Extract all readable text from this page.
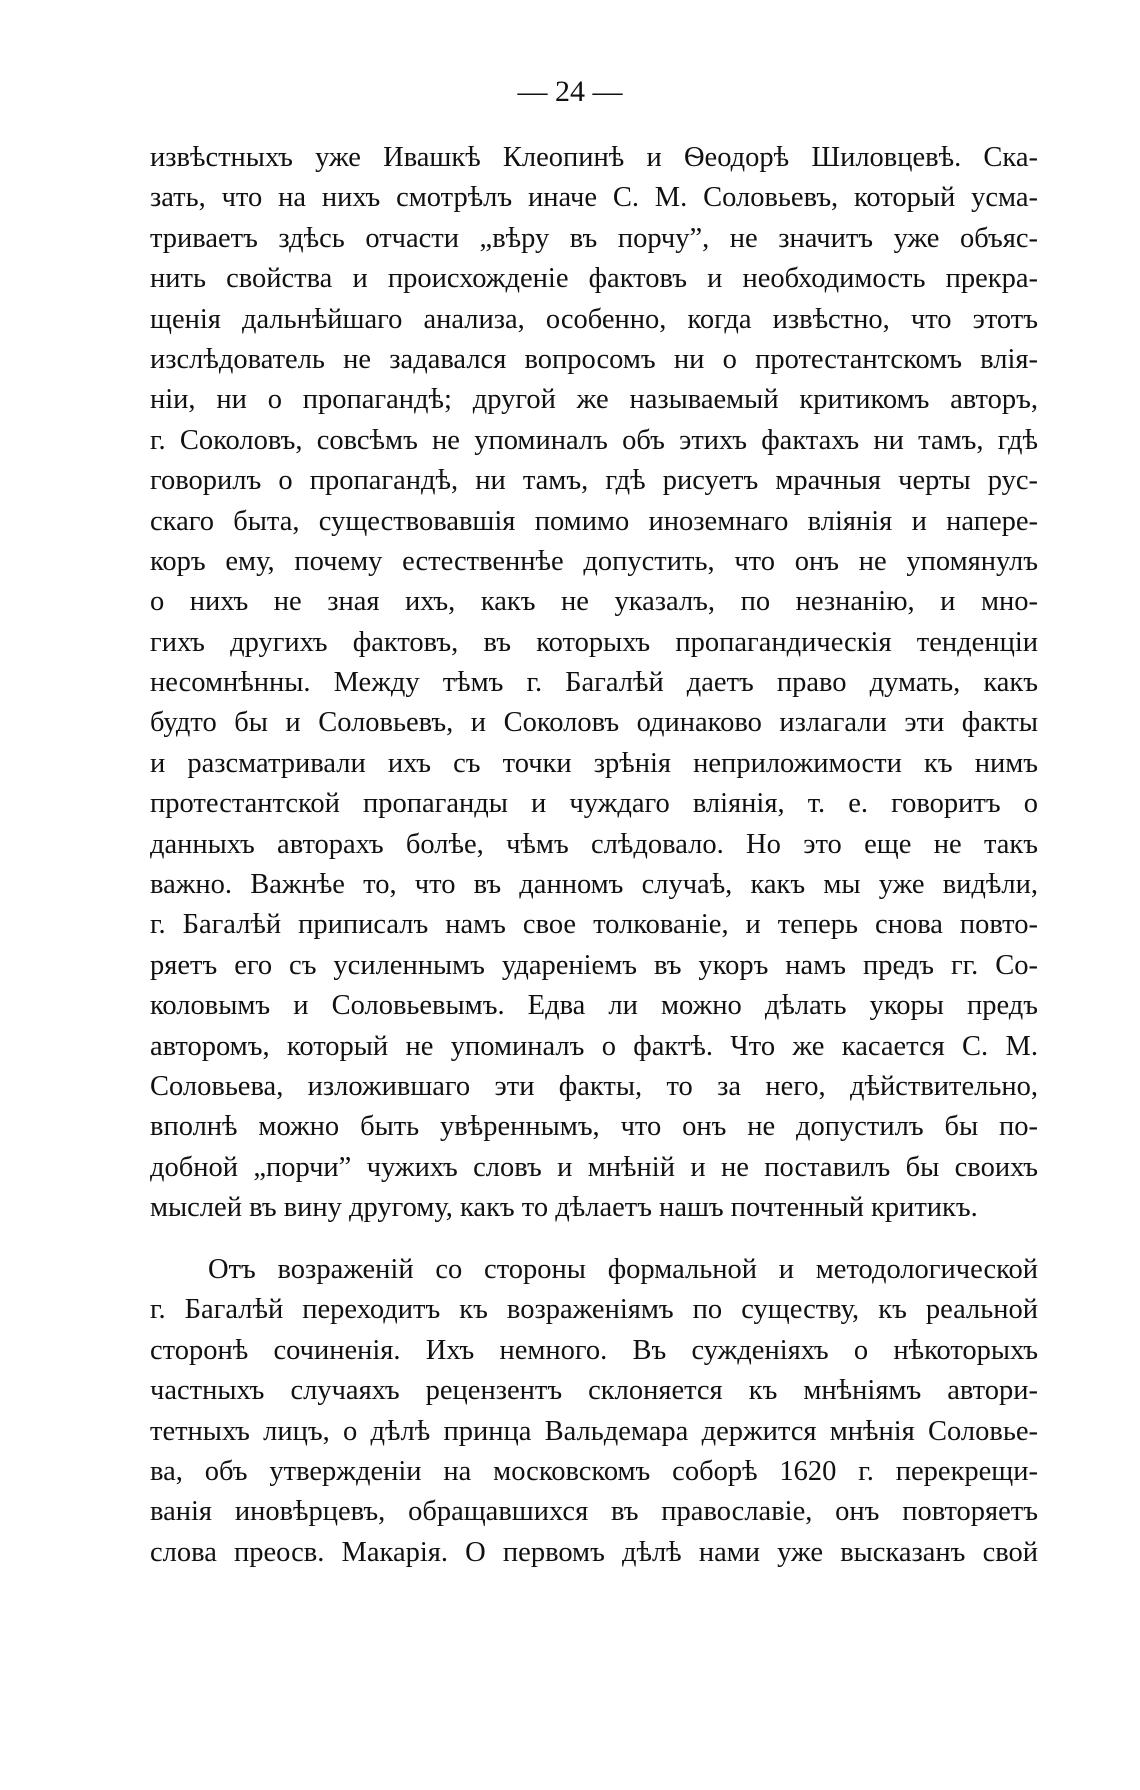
— 24 —
извѣстныхъ уже Ивашкѣ Клеопинѣ и Ѳеодорѣ Шиловцевѣ. Ска-
зать, что на нихъ смотрѣлъ иначе С. М. Соловьевъ, который усма-
триваетъ здѣсь отчасти „вѣру въ порчу”, не значитъ уже объяс-
нить свойства и происхожденіе фактовъ и необходимость прекра-
щенія дальнѣйшаго анализа, особенно, когда извѣстно, что этотъ
изслѣдователь не задавался вопросомъ ни о протестантскомъ влія-
ніи, ни о пропагандѣ; другой же называемый критикомъ авторъ,
г. Соколовъ, совсѣмъ не упоминалъ объ этихъ фактахъ ни тамъ, гдѣ
говорилъ о пропагандѣ, ни тамъ, гдѣ рисуетъ мрачныя черты рус-
скаго быта, существовавшія помимо иноземнаго вліянія и напере-
коръ ему, почему естественнѣе допустить, что онъ не упомянулъ
о нихъ не зная ихъ, какъ не указалъ, по незнанію, и мно-
гихъ другихъ фактовъ, въ которыхъ пропагандическія тенденціи
несомнѣнны. Между тѣмъ г. Багалѣй даетъ право думать, какъ
будто бы и Соловьевъ, и Соколовъ одинаково излагали эти факты
и разсматривали ихъ съ точки зрѣнія неприложимости къ нимъ
протестантской пропаганды и чуждаго вліянія, т. е. говоритъ о
данныхъ авторахъ болѣе, чѣмъ слѣдовало. Но это еще не такъ
важно. Важнѣе то, что въ данномъ случаѣ, какъ мы уже видѣли,
г. Багалѣй приписалъ намъ свое толкованіе, и теперь снова повто-
ряетъ его съ усиленнымъ удареніемъ въ укоръ намъ предъ гг. Со-
коловымъ и Соловьевымъ. Едва ли можно дѣлать укоры предъ
авторомъ, который не упоминалъ о фактѣ. Что же касается С. М.
Соловьева, изложившаго эти факты, то за него, дѣйствительно,
вполнѣ можно быть увѣреннымъ, что онъ не допустилъ бы по-
добной „порчи” чужихъ словъ и мнѣній и не поставилъ бы своихъ
мыслей въ вину другому, какъ то дѣлаетъ нашъ почтенный критикъ.
Отъ возраженій со стороны формальной и методологической
г. Багалѣй переходитъ къ возраженіямъ по существу, къ реальной
сторонѣ сочиненія. Ихъ немного. Въ сужденіяхъ о нѣкоторыхъ
частныхъ случаяхъ рецензентъ склоняется къ мнѣніямъ автори-
тетныхъ лицъ, о дѣлѣ принца Вальдемара держится мнѣнія Соловье-
ва, объ утвержденіи на московскомъ соборѣ 1620 г. перекрещи-
ванія иновѣрцевъ, обращавшихся въ православіе, онъ повторяетъ
слова преосв. Макарія. О первомъ дѣлѣ нами уже высказанъ свой
